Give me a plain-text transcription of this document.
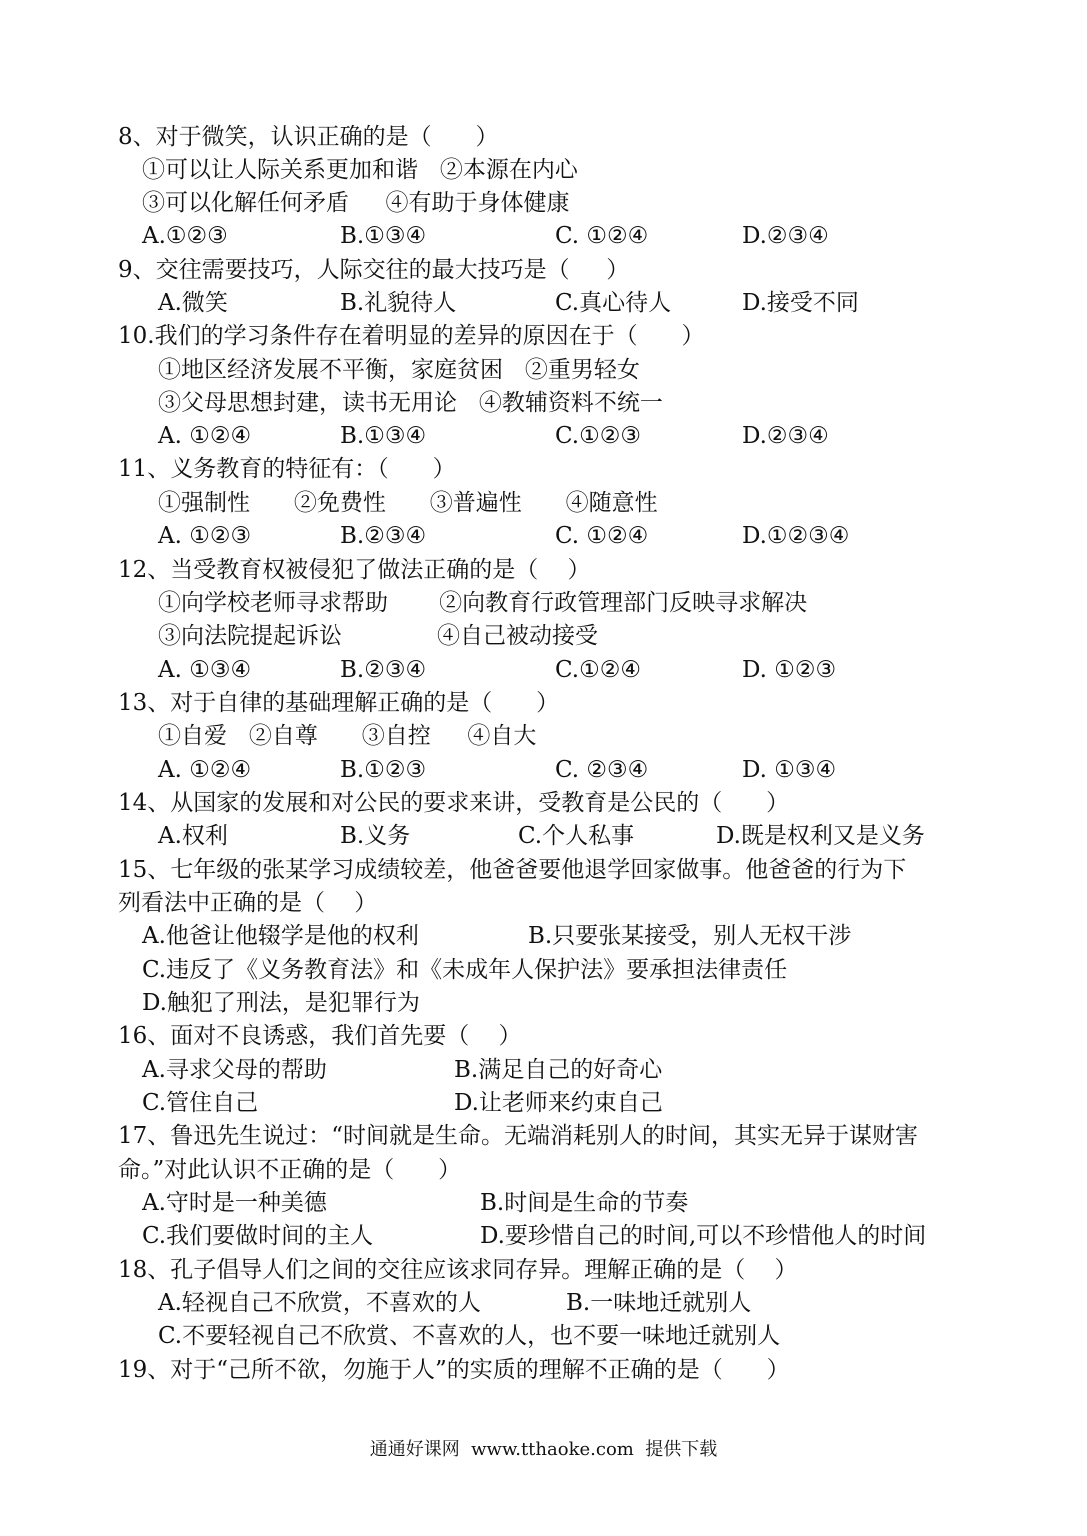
8、对于微笑，认识正确的是（      ）
①可以让人际关系更加和谐   ②本源在内心
③可以化解任何矛盾     ④有助于身体健康
A.①②③	B.①③④	C. ①②④	D.②③④
9、交往需要技巧，人际交往的最大技巧是（     ）
A.微笑	B.礼貌待人	C.真心待人	D.接受不同
10.我们的学习条件存在着明显的差异的原因在于（      ）
①地区经济发展不平衡，家庭贫困   ②重男轻女
③父母思想封建，读书无用论   ④教辅资料不统一
A. ①②④	B.①③④	C.①②③	D.②③④
11、义务教育的特征有：（      ）
①强制性      ②免费性      ③普遍性      ④随意性
A. ①②③	B.②③④	C. ①②④	D.①②③④
12、当受教育权被侵犯了做法正确的是（    ）
①向学校老师寻求帮助       ②向教育行政管理部门反映寻求解决
③向法院提起诉讼             ④自己被动接受
A. ①③④	B.②③④	C.①②④	D. ①②③
13、对于自律的基础理解正确的是（      ）
①自爱   ②自尊      ③自控     ④自大
A. ①②④	B.①②③	C. ②③④	D. ①③④
14、从国家的发展和对公民的要求来讲，受教育是公民的（      ）
A.权利	B.义务	C.个人私事	D.既是权利又是义务
15、七年级的张某学习成绩较差，他爸爸要他退学回家做事。他爸爸的行为下
列看法中正确的是（    ）
A.他爸让他辍学是他的权利	B.只要张某接受，别人无权干涉
C.违反了《义务教育法》和《未成年人保护法》要承担法律责任
D.触犯了刑法，是犯罪行为
16、面对不良诱惑，我们首先要（    ）
A.寻求父母的帮助	B.满足自己的好奇心
C.管住自己	D.让老师来约束自己
17、鲁迅先生说过：“时间就是生命。无端消耗别人的时间，其实无异于谋财害
命。”对此认识不正确的是（      ）
A.守时是一种美德	B.时间是生命的节奏
C.我们要做时间的主人	D.要珍惜自己的时间,可以不珍惜他人的时间
18、孔子倡导人们之间的交往应该求同存异。理解正确的是（    ）
A.轻视自己不欣赏，不喜欢的人	B.一味地迁就别人
C.不要轻视自己不欣赏、不喜欢的人，也不要一味地迁就别人
19、对于“己所不欲，勿施于人”的实质的理解不正确的是（      ）
通通好课网  www.tthaoke.com  提供下载
